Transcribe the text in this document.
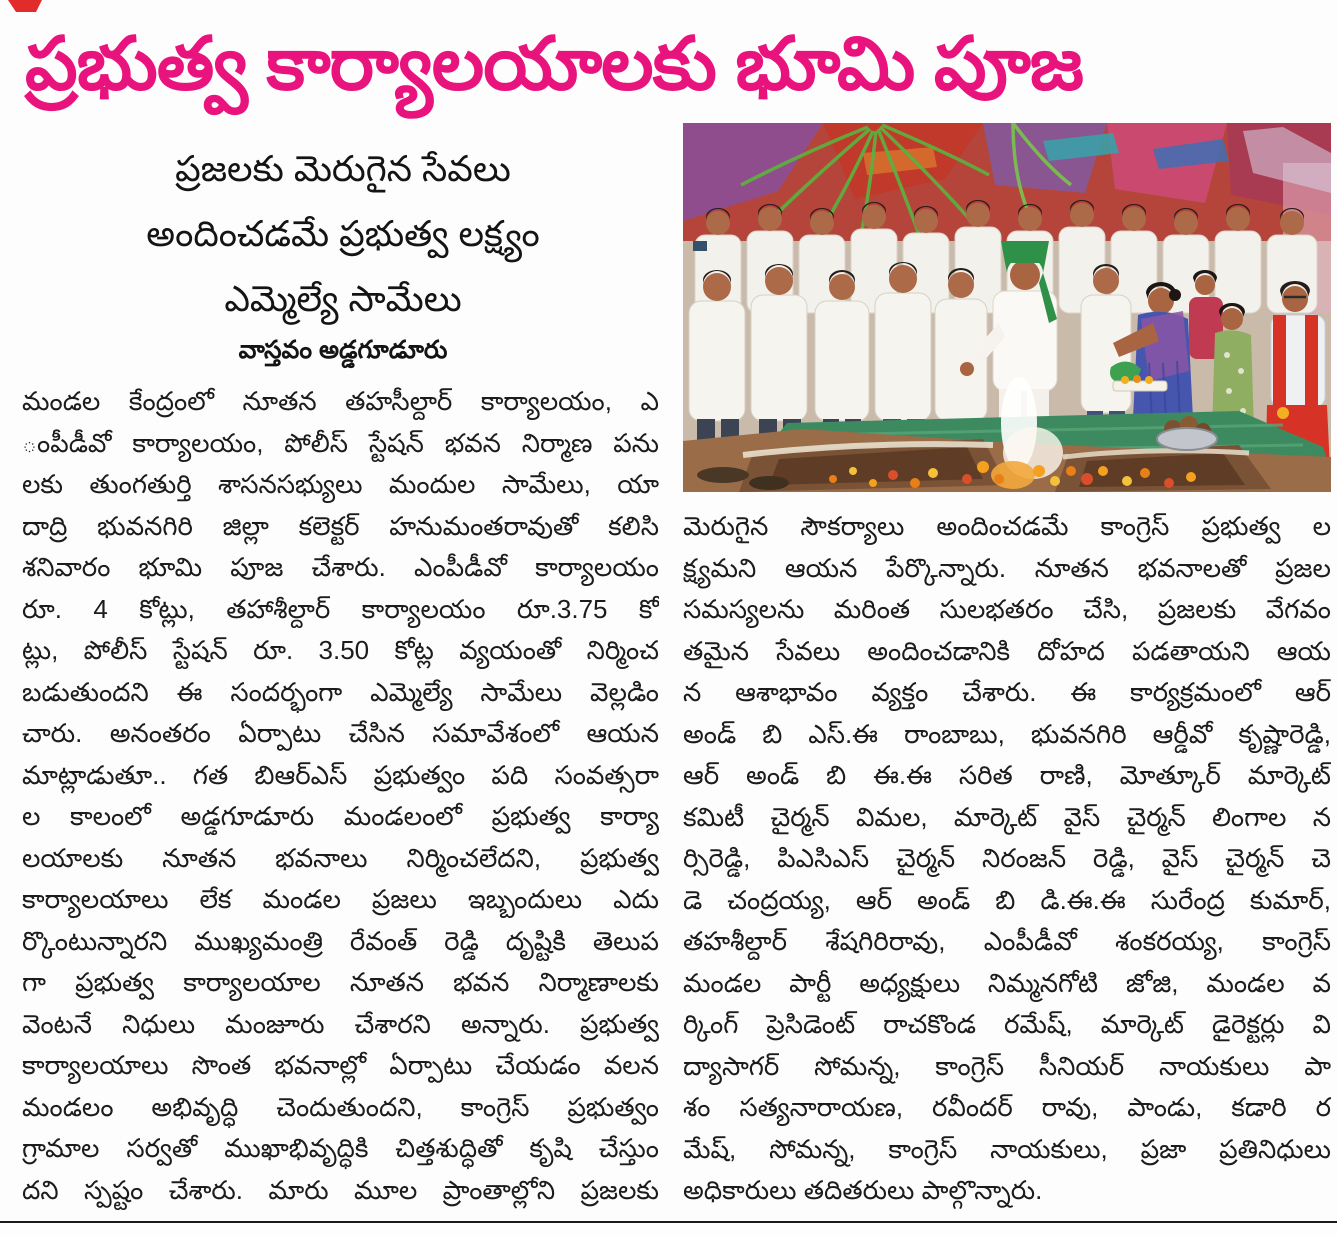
ప్రభుత్వ కార్యాలయాలకు భూమి పూజ
ప్రజలకు మెరుగైన సేవలు
అందించడమే ప్రభుత్వ లక్ష్యం
ఎమ్మెల్యే సామేలు
వాస్తవం అడ్డగూడూరు
మండల కేంద్రంలో నూతన తహసీల్దార్ కార్యాలయం, ఎ
ంపీడీవో కార్యాలయం, పోలీస్ స్టేషన్ భవన నిర్మాణ పను
లకు తుంగతుర్తి శాసనసభ్యులు మందుల సామేలు, యా
దాద్రి భువనగిరి జిల్లా కలెక్టర్ హనుమంతరావుతో కలిసి
శనివారం భూమి పూజ చేశారు. ఎంపీడీవో కార్యాలయం
రూ. 4 కోట్లు, తహాశీల్దార్ కార్యాలయం రూ.3.75 కో
ట్లు, పోలీస్ స్టేషన్ రూ. 3.50 కోట్ల వ్యయంతో నిర్మించ
బడుతుందని ఈ సందర్భంగా ఎమ్మెల్యే సామేలు వెల్లడిం
చారు. అనంతరం ఏర్పాటు చేసిన సమావేశంలో ఆయన
మాట్లాడుతూ.. గత బిఆర్ఎస్ ప్రభుత్వం పది సంవత్సరా
ల కాలంలో అడ్డగూడూరు మండలంలో ప్రభుత్వ కార్యా
లయాలకు నూతన భవనాలు నిర్మించలేదని, ప్రభుత్వ
కార్యాలయాలు లేక మండల ప్రజలు ఇబ్బందులు ఎదు
ర్కొంటున్నారని ముఖ్యమంత్రి రేవంత్ రెడ్డి దృష్టికి తెలుప
గా ప్రభుత్వ కార్యాలయాల నూతన భవన నిర్మాణాలకు
వెంటనే నిధులు మంజూరు చేశారని అన్నారు. ప్రభుత్వ
కార్యాలయాలు సొంత భవనాల్లో ఏర్పాటు చేయడం వలన
మండలం అభివృద్ధి చెందుతుందని, కాంగ్రెస్ ప్రభుత్వం
గ్రామాల సర్వతో ముఖాభివృద్ధికి చిత్తశుద్ధితో కృషి చేస్తుం
దని స్పష్టం చేశారు. మారు మూల ప్రాంతాల్లోని ప్రజలకు
మెరుగైన సౌకర్యాలు అందించడమే కాంగ్రెస్ ప్రభుత్వ ల
క్ష్యమని ఆయన పేర్కొన్నారు. నూతన భవనాలతో ప్రజల
సమస్యలను మరింత సులభతరం చేసి, ప్రజలకు వేగవం
తమైన సేవలు అందించడానికి దోహద పడతాయని ఆయ
న ఆశాభావం వ్యక్తం చేశారు. ఈ కార్యక్రమంలో ఆర్
అండ్ బి ఎస్.ఈ రాంబాబు, భువనగిరి ఆర్డీవో కృష్ణారెడ్డి,
ఆర్ అండ్ బి ఈ.ఈ సరిత రాణి, మోత్కూర్ మార్కెట్
కమిటీ చైర్మన్ విమల, మార్కెట్ వైస్ చైర్మన్ లింగాల న
ర్సిరెడ్డి, పిఎసిఎస్ చైర్మన్ నిరంజన్ రెడ్డి, వైస్ చైర్మన్ చె
డె చంద్రయ్య, ఆర్ అండ్ బి డి.ఈ.ఈ సురేంద్ర కుమార్,
తహశీల్దార్ శేషగిరిరావు, ఎంపీడీవో శంకరయ్య, కాంగ్రెస్
మండల పార్టీ అధ్యక్షులు నిమ్మనగోటి జోజి, మండల వ
ర్కింగ్ ప్రెసిడెంట్ రాచకొండ రమేష్, మార్కెట్ డైరెక్టర్లు వి
ద్యాసాగర్ సోమన్న, కాంగ్రెస్ సీనియర్ నాయకులు పా
శం సత్యనారాయణ, రవీందర్ రావు, పాండు, కడారి ర
మేష్, సోమన్న, కాంగ్రెస్ నాయకులు, ప్రజా ప్రతినిధులు
అధికారులు తదితరులు పాల్గొన్నారు.
